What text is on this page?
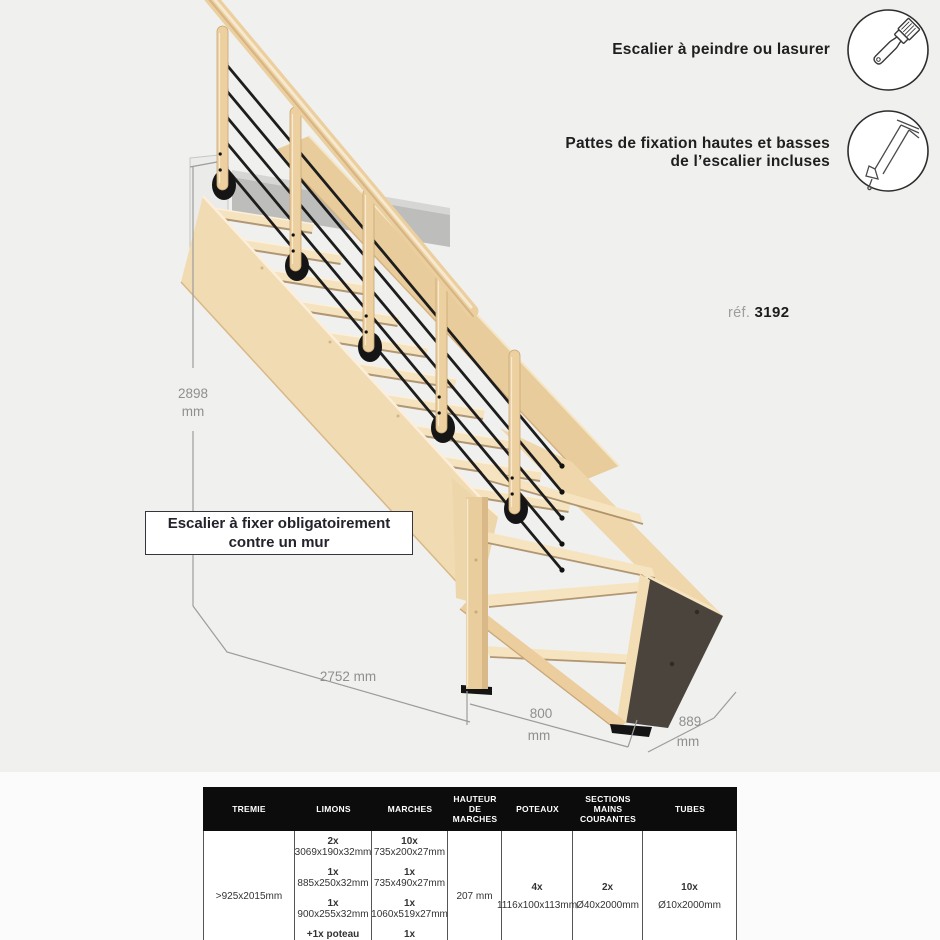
2898
mm
2752 mm
800
mm
889
mm
Escalier à peindre ou lasurer
Pattes de fixation hautes et basses
de l’escalier incluses
réf. 3192
Escalier à fixer obligatoirement
contre un mur
TREMIE	LIMONS	MARCHES
HAUTEUR DE MARCHES
POTEAUX
SECTIONS MAINS COURANTES
TUBES
>925x2015mm
2x
3069x190x32mm
1x
885x250x32mm
1x
900x255x32mm
+1x poteau
10x
735x200x27mm
1x
735x490x27mm
1x
1060x519x27mm
1x
207 mm
4x
1116x100x113mm
2x
Ø40x2000mm
10x
Ø10x2000mm
